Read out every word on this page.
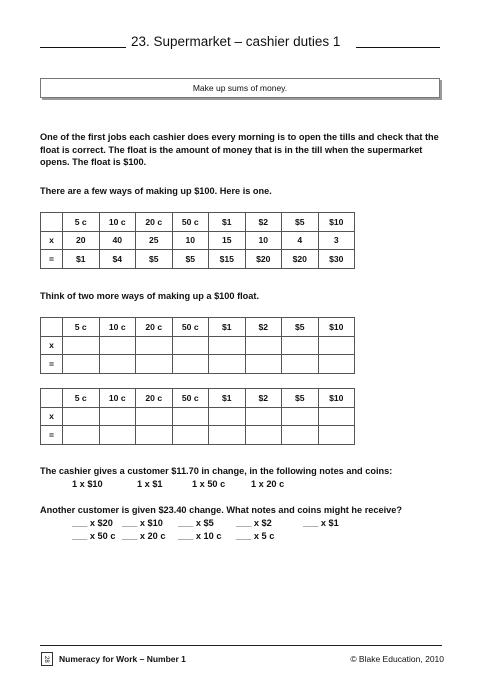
23. Supermarket – cashier duties 1
Make up sums of money.
One of the first jobs each cashier does every morning is to open the tills and check that the float is correct. The float is the amount of money that is in the till when the supermarket opens. The float is $100.
There are a few ways of making up $100. Here is one.
	5 c	10 c	20 c	50 c	$1	$2	$5	$10
x	20	40	25	10	15	10	4	3
=	$1	$4	$5	$5	$15	$20	$20	$30
Think of two more ways of making up a $100 float.
	5 c	10 c	20 c	50 c	$1	$2	$5	$10
x								
=								
	5 c	10 c	20 c	50 c	$1	$2	$5	$10
x								
=								
The cashier gives a customer $11.70 in change, in the following notes and coins:
1 x $10	1 x $1	1 x 50 c	1 x 20 c
Another customer is given $23.40 change. What notes and coins might he receive?
___ x $20 ___ x $10 ___ x $5 ___ x $2	___ x $1
___ x 50 c ___ x 20 c ___ x 10 c ___ x 5 c
28	Numeracy for Work – Number 1	© Blake Education, 2010
